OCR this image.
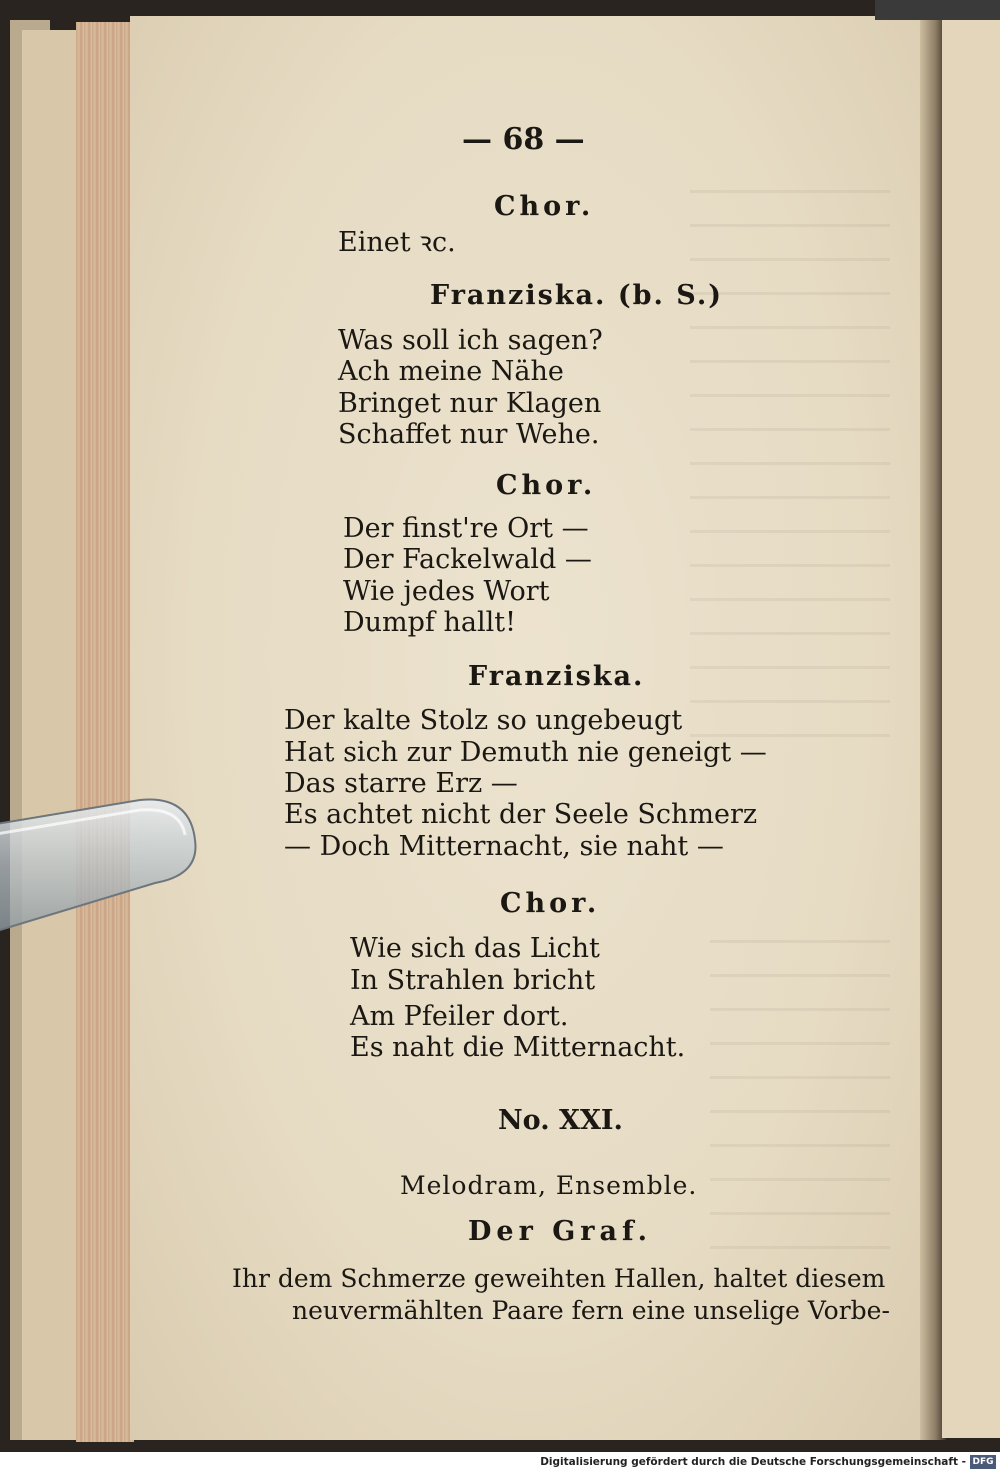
— 68 —
Chor.
Einet ꝛc.
Franziska. (b. S.)
Was soll ich sagen?
Ach meine Nähe
Bringet nur Klagen
Schaffet nur Wehe.
Chor.
Der finst're Ort —
Der Fackelwald —
Wie jedes Wort
Dumpf hallt!
Franziska.
Der kalte Stolz so ungebeugt
Hat sich zur Demuth nie geneigt —
Das starre Erz —
Es achtet nicht der Seele Schmerz
— Doch Mitternacht, sie naht —
Chor.
Wie sich das Licht
In Strahlen bricht
Am Pfeiler dort.
Es naht die Mitternacht.
No. XXI.
Melodram, Ensemble.
Der Graf.
Ihr dem Schmerze geweihten Hallen, haltet diesem
neuvermählten Paare fern eine unselige Vorbe-
Digitalisierung gefördert durch die Deutsche Forschungsgemeinschaft - DFG
